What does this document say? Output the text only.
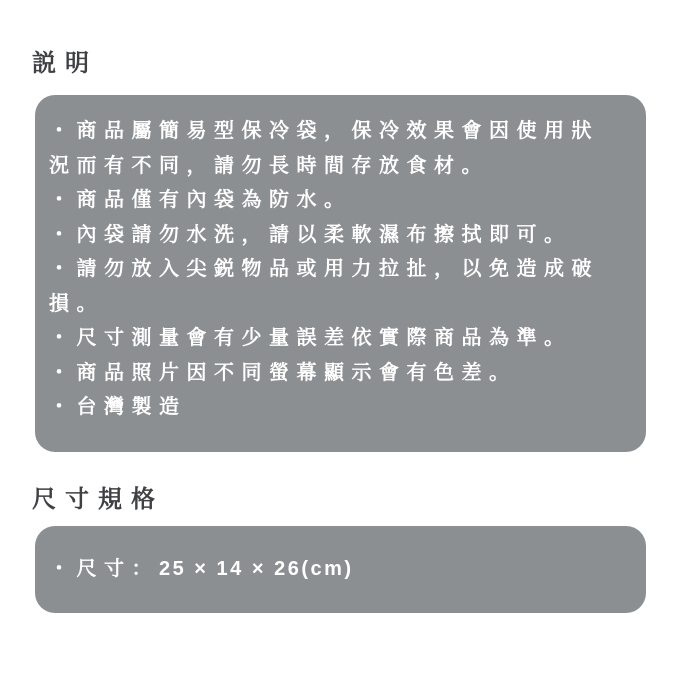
説明
・商品屬簡易型保冷袋，保冷效果會因使用狀況而有不同，請勿長時間存放食材。
・商品僅有內袋為防水。
・內袋請勿水洗，請以柔軟濕布擦拭即可。
・請勿放入尖鋭物品或用力拉扯，以免造成破損。
・尺寸測量會有少量誤差依實際商品為準。
・商品照片因不同螢幕顯示會有色差。
・台灣製造
尺寸規格
・尺寸：25 × 14 × 26(cm)
